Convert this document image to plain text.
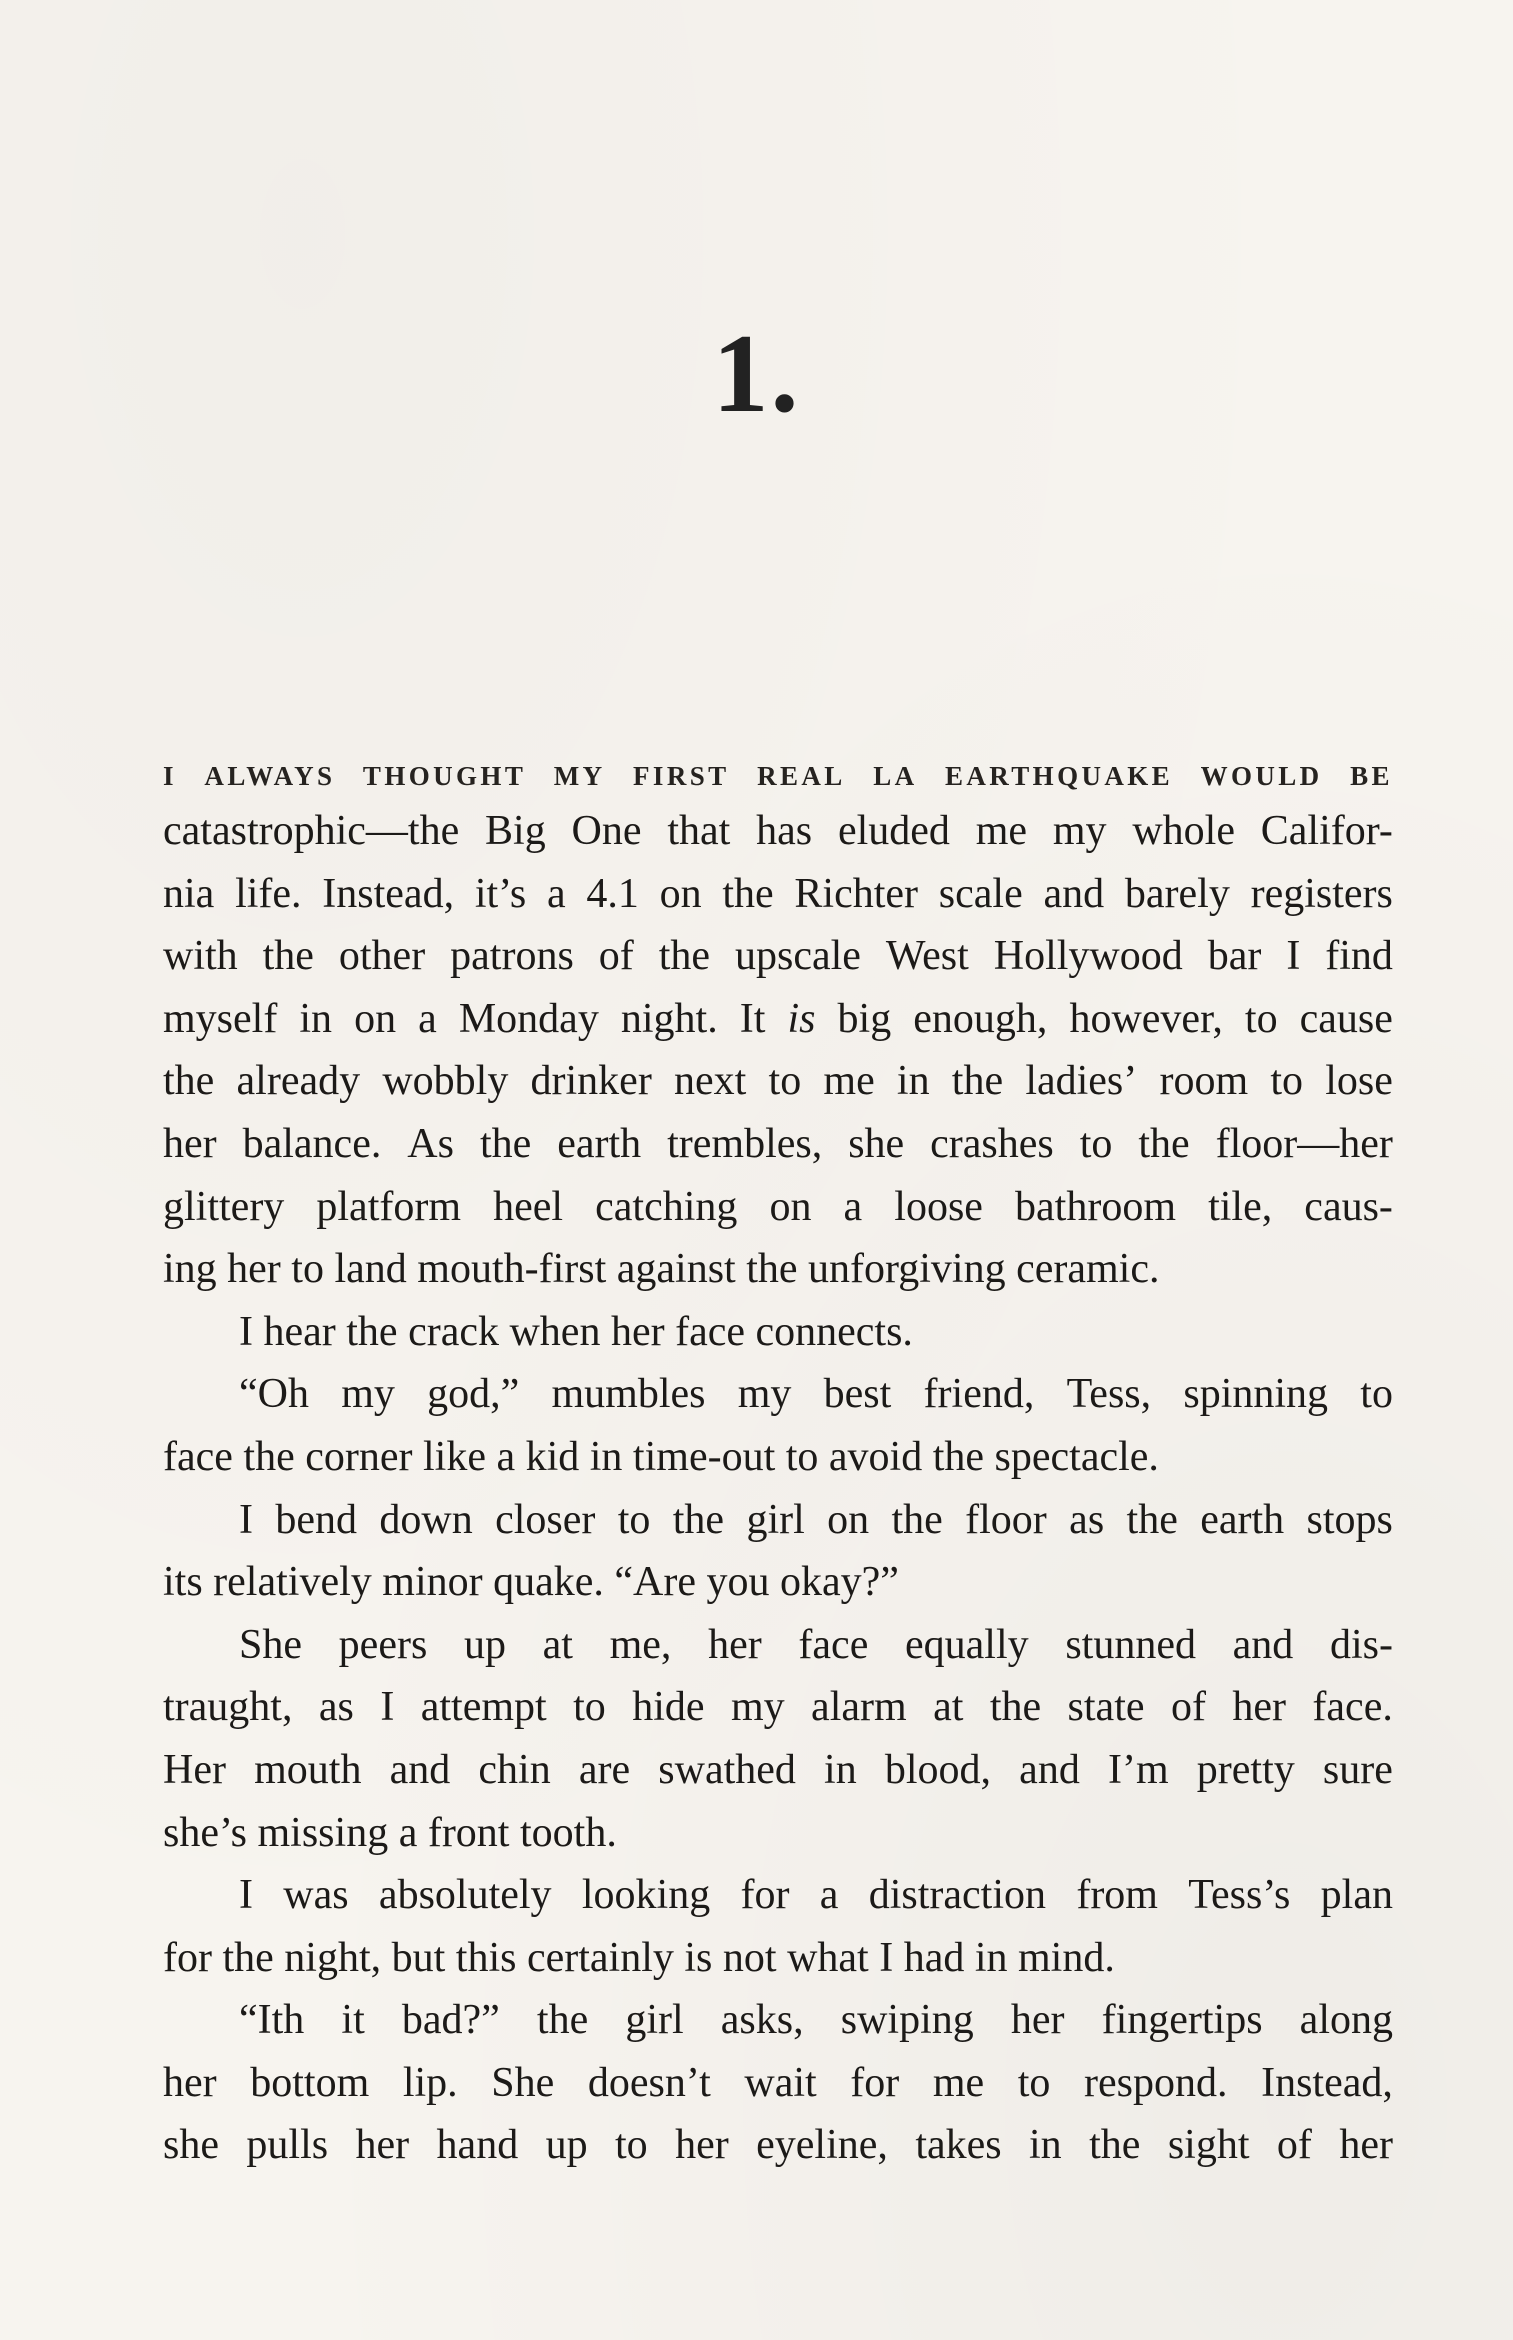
1.
I ALWAYS THOUGHT MY FIRST REAL LA EARTHQUAKE WOULD BE
catastrophic—the Big One that has eluded me my whole Califor-
nia life. Instead, it’s a 4.1 on the Richter scale and barely registers
with the other patrons of the upscale West Hollywood bar I find
myself in on a Monday night. It is big enough, however, to cause
the already wobbly drinker next to me in the ladies’ room to lose
her balance. As the earth trembles, she crashes to the floor—her
glittery platform heel catching on a loose bathroom tile, caus-
ing her to land mouth-first against the unforgiving ceramic.
I hear the crack when her face connects.
“Oh my god,” mumbles my best friend, Tess, spinning to
face the corner like a kid in time-out to avoid the spectacle.
I bend down closer to the girl on the floor as the earth stops
its relatively minor quake. “Are you okay?”
She peers up at me, her face equally stunned and dis-
traught, as I attempt to hide my alarm at the state of her face.
Her mouth and chin are swathed in blood, and I’m pretty sure
she’s missing a front tooth.
I was absolutely looking for a distraction from Tess’s plan
for the night, but this certainly is not what I had in mind.
“Ith it bad?” the girl asks, swiping her fingertips along
her bottom lip. She doesn’t wait for me to respond. Instead,
she pulls her hand up to her eyeline, takes in the sight of her
